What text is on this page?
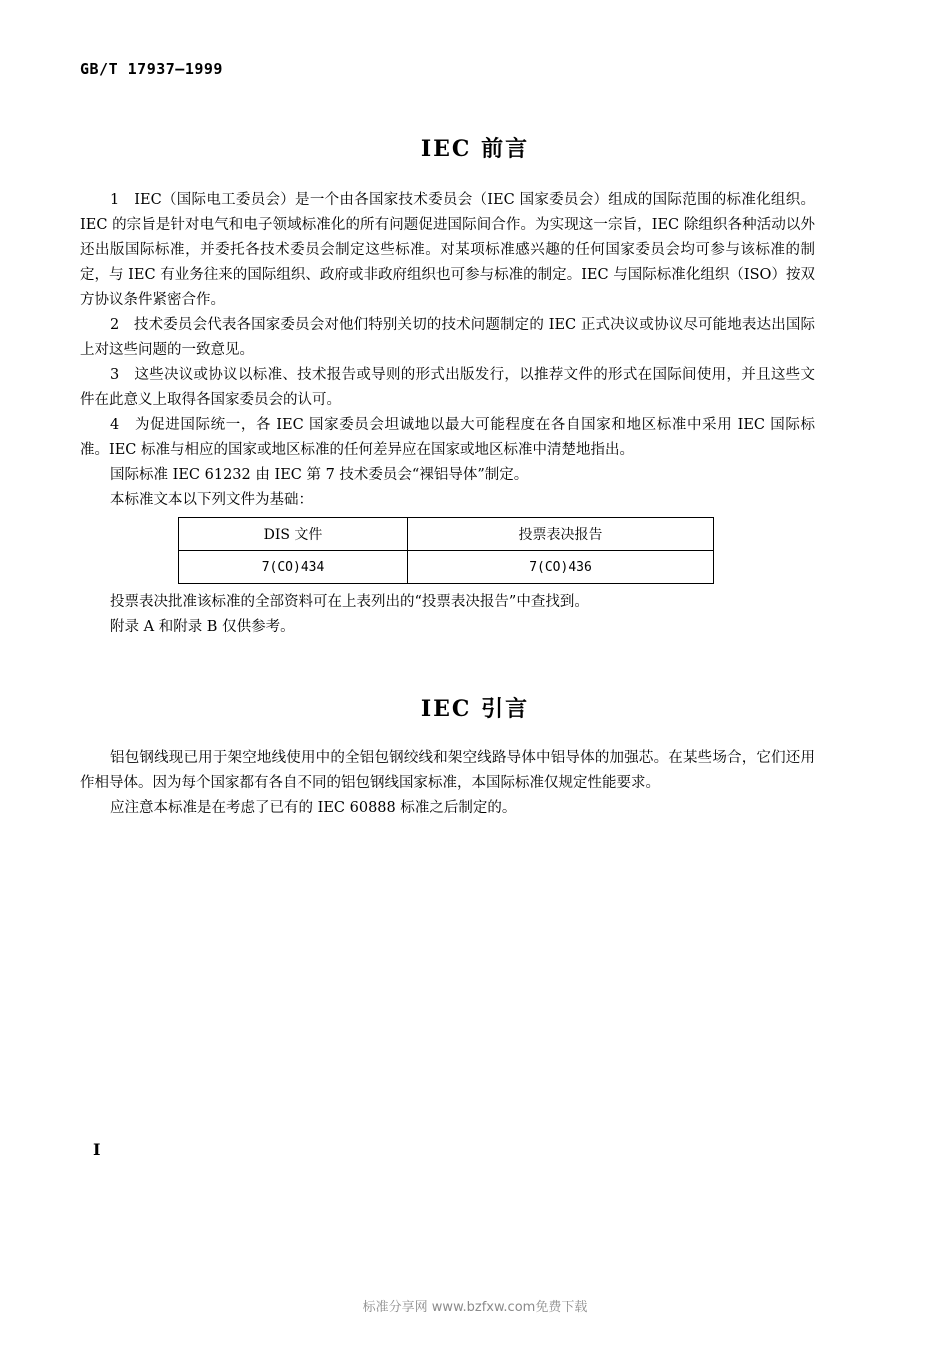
GB/T 17937—1999
IEC 前言

1　IEC（国际电工委员会）是一个由各国家技术委员会（IEC 国家委员会）组成的国际范围的标准化组织。IEC 的宗旨是针对电气和电子领域标准化的所有问题促进国际间合作。为实现这一宗旨，IEC 除组织各种活动以外还出版国际标准，并委托各技术委员会制定这些标准。对某项标准感兴趣的任何国家委员会均可参与该标准的制定，与 IEC 有业务往来的国际组织、政府或非政府组织也可参与标准的制定。IEC 与国际标准化组织（ISO）按双方协议条件紧密合作。

2　技术委员会代表各国家委员会对他们特别关切的技术问题制定的 IEC 正式决议或协议尽可能地表达出国际上对这些问题的一致意见。

3　这些决议或协议以标准、技术报告或导则的形式出版发行，以推荐文件的形式在国际间使用，并且这些文件在此意义上取得各国家委员会的认可。

4　为促进国际统一，各 IEC 国家委员会坦诚地以最大可能程度在各自国家和地区标准中采用 IEC 国际标准。IEC 标准与相应的国家或地区标准的任何差异应在国家或地区标准中清楚地指出。

国际标准 IEC 61232 由 IEC 第 7 技术委员会“裸铝导体”制定。

本标准文本以下列文件为基础：

DIS 文件	投票表决报告
7(CO)434	7(CO)436

投票表决批准该标准的全部资料可在上表列出的“投票表决报告”中查找到。

附录 A 和附录 B 仅供参考。

IEC 引言

铝包钢线现已用于架空地线使用中的全铝包钢绞线和架空线路导体中铝导体的加强芯。在某些场合，它们还用作相导体。因为每个国家都有各自不同的铝包钢线国家标准，本国际标准仅规定性能要求。

应注意本标准是在考虑了已有的 IEC 60888 标准之后制定的。

I
标准分享网 www.bzfxw.com免费下载
